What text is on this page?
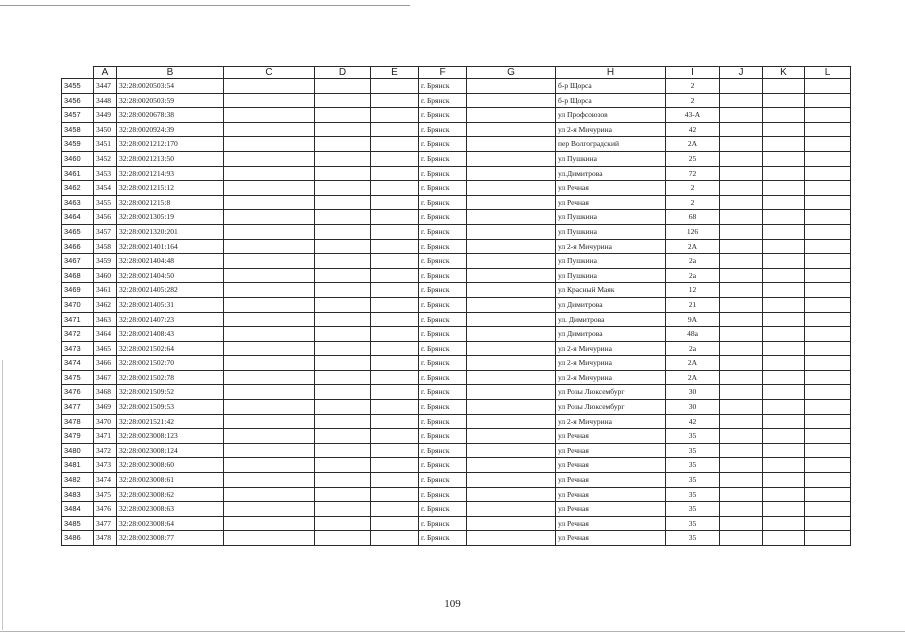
	A	B	C	D	E	F	G	H	I	J	K	L
3455	3447	32:28:0020503:54				г. Брянск		б-р Щорса	2			
3456	3448	32:28:0020503:59				г. Брянск		б-р Щорса	2			
3457	3449	32:28:0020678:38				г. Брянск		ул Профсоюзов	43-А			
3458	3450	32:28:0020924:39				г. Брянск		ул 2-я Мичурина	42			
3459	3451	32:28:0021212:170				г. Брянск		пер Волгоградский	2А			
3460	3452	32:28:0021213:50				г. Брянск		ул Пушкина	25			
3461	3453	32:28:0021214:93				г. Брянск		ул.Димитрова	72			
3462	3454	32:28:0021215:12				г. Брянск		ул Речная	2			
3463	3455	32:28:0021215:8				г. Брянск		ул Речная	2			
3464	3456	32:28:0021305:19				г. Брянск		ул Пушкина	68			
3465	3457	32:28:0021320:201				г. Брянск		ул Пушкина	126			
3466	3458	32:28:0021401:164				г. Брянск		ул 2-я Мичурина	2А			
3467	3459	32:28:0021404:48				г. Брянск		ул Пушкина	2а			
3468	3460	32:28:0021404:50				г. Брянск		ул Пушкина	2а			
3469	3461	32:28:0021405:282				г. Брянск		ул Красный Маяк	12			
3470	3462	32:28:0021405:31				г. Брянск		ул Димитрова	21			
3471	3463	32:28:0021407:23				г. Брянск		ул. Димитрова	9А			
3472	3464	32:28:0021408:43				г. Брянск		ул Димитрова	48а			
3473	3465	32:28:0021502:64				г. Брянск		ул 2-я Мичурина	2а			
3474	3466	32:28:0021502:70				г. Брянск		ул 2-я Мичурина	2А			
3475	3467	32:28:0021502:78				г. Брянск		ул 2-я Мичурина	2А			
3476	3468	32:28:0021509:52				г. Брянск		ул Розы Люксембург	30			
3477	3469	32:28:0021509:53				г. Брянск		ул Розы Люксембург	30			
3478	3470	32:28:0021521:42				г. Брянск		ул 2-я Мичурина	42			
3479	3471	32:28:0023008:123				г. Брянск		ул Речная	35			
3480	3472	32:28:0023008:124				г. Брянск		ул Речная	35			
3481	3473	32:28:0023008:60				г. Брянск		ул Речная	35			
3482	3474	32:28:0023008:61				г. Брянск		ул Речная	35			
3483	3475	32:28:0023008:62				г. Брянск		ул Речная	35			
3484	3476	32:28:0023008:63				г. Брянск		ул Речная	35			
3485	3477	32:28:0023008:64				г. Брянск		ул Речная	35			
3486	3478	32:28:0023008:77				г. Брянск		ул Речная	35			
109
